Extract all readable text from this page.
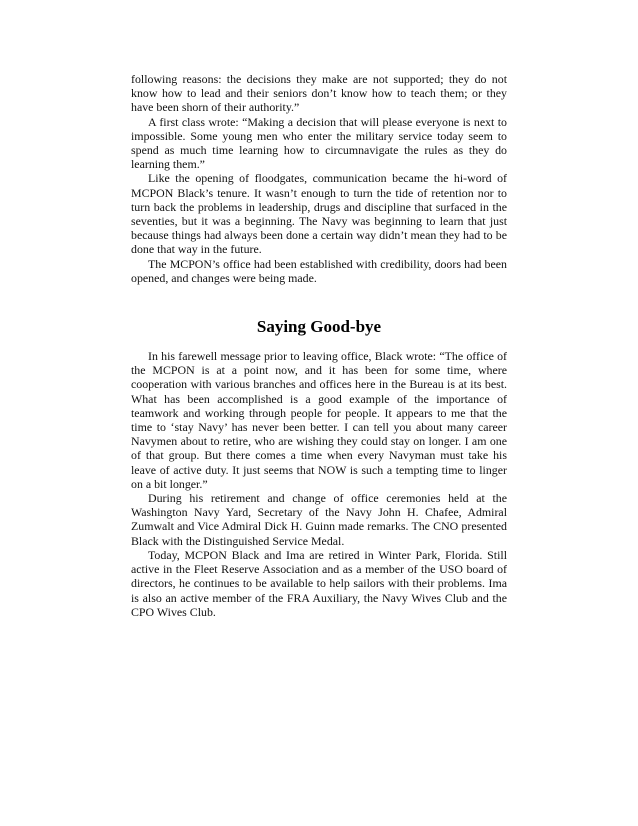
following reasons: the decisions they make are not supported; they do not know how to lead and their seniors don’t know how to teach them; or they have been shorn of their authority.”

A first class wrote: “Making a decision that will please everyone is next to impossible. Some young men who enter the military service today seem to spend as much time learning how to circumnavigate the rules as they do learning them.”

Like the opening of floodgates, communication became the hi-word of MCPON Black’s tenure. It wasn’t enough to turn the tide of retention nor to turn back the problems in leadership, drugs and discipline that surfaced in the seventies, but it was a beginning. The Navy was beginning to learn that just because things had always been done a certain way didn’t mean they had to be done that way in the future.

The MCPON’s office had been established with credibility, doors had been opened, and changes were being made.

Saying Good-bye

In his farewell message prior to leaving office, Black wrote: “The office of the MCPON is at a point now, and it has been for some time, where cooperation with various branches and offices here in the Bureau is at its best. What has been accomplished is a good example of the importance of teamwork and working through people for people. It appears to me that the time to ‘stay Navy’ has never been better. I can tell you about many career Navymen about to retire, who are wishing they could stay on longer. I am one of that group. But there comes a time when every Navyman must take his leave of active duty. It just seems that NOW is such a tempting time to linger on a bit longer.”

During his retirement and change of office ceremonies held at the Washington Navy Yard, Secretary of the Navy John H. Chafee, Admiral Zumwalt and Vice Admiral Dick H. Guinn made remarks. The CNO presented Black with the Distinguished Service Medal.

Today, MCPON Black and Ima are retired in Winter Park, Florida. Still active in the Fleet Reserve Association and as a member of the USO board of directors, he continues to be available to help sailors with their problems. Ima is also an active member of the FRA Auxiliary, the Navy Wives Club and the CPO Wives Club.
